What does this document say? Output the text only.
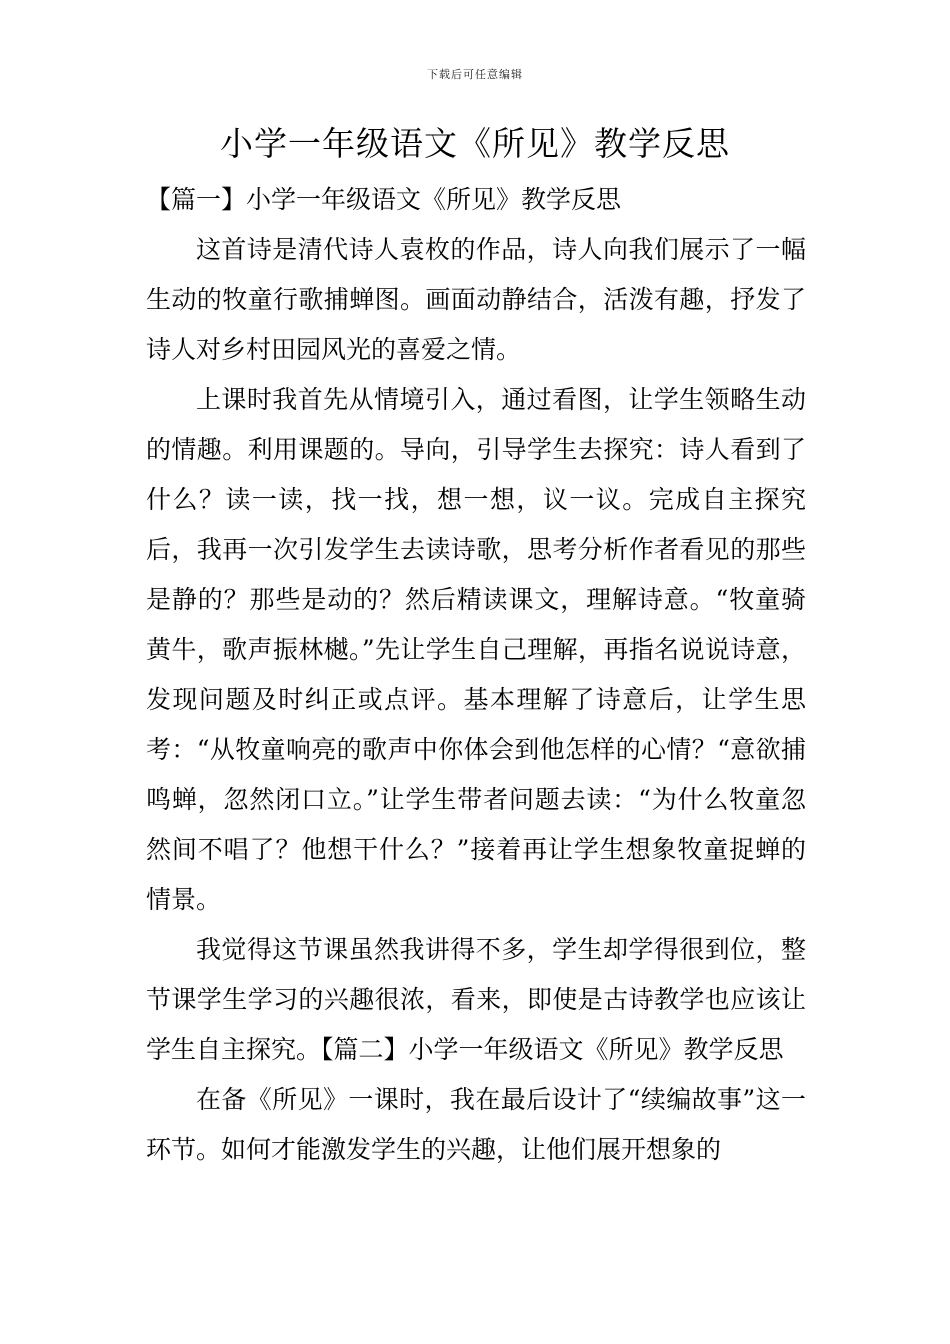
下载后可任意编辑
小学一年级语文《所见》教学反思

【篇一】小学一年级语文《所见》教学反思

这首诗是清代诗人袁枚的作品，诗人向我们展示了一幅生动的牧童行歌捕蝉图。画面动静结合，活泼有趣，抒发了诗人对乡村田园风光的喜爱之情。

上课时我首先从情境引入，通过看图，让学生领略生动的情趣。利用课题的。导向，引导学生去探究：诗人看到了什么？读一读，找一找，想一想，议一议。完成自主探究后，我再一次引发学生去读诗歌，思考分析作者看见的那些是静的？那些是动的？然后精读课文，理解诗意。“牧童骑黄牛，歌声振林樾。”先让学生自己理解，再指名说说诗意，发现问题及时纠正或点评。基本理解了诗意后，让学生思考：“从牧童响亮的歌声中你体会到他怎样的心情？“意欲捕鸣蝉，忽然闭口立。”让学生带者问题去读：“为什么牧童忽然间不唱了？他想干什么？”接着再让学生想象牧童捉蝉的情景。

我觉得这节课虽然我讲得不多，学生却学得很到位，整节课学生学习的兴趣很浓，看来，即使是古诗教学也应该让学生自主探究。【篇二】小学一年级语文《所见》教学反思

在备《所见》一课时，我在最后设计了“续编故事”这一环节。如何才能激发学生的兴趣，让他们展开想象的
